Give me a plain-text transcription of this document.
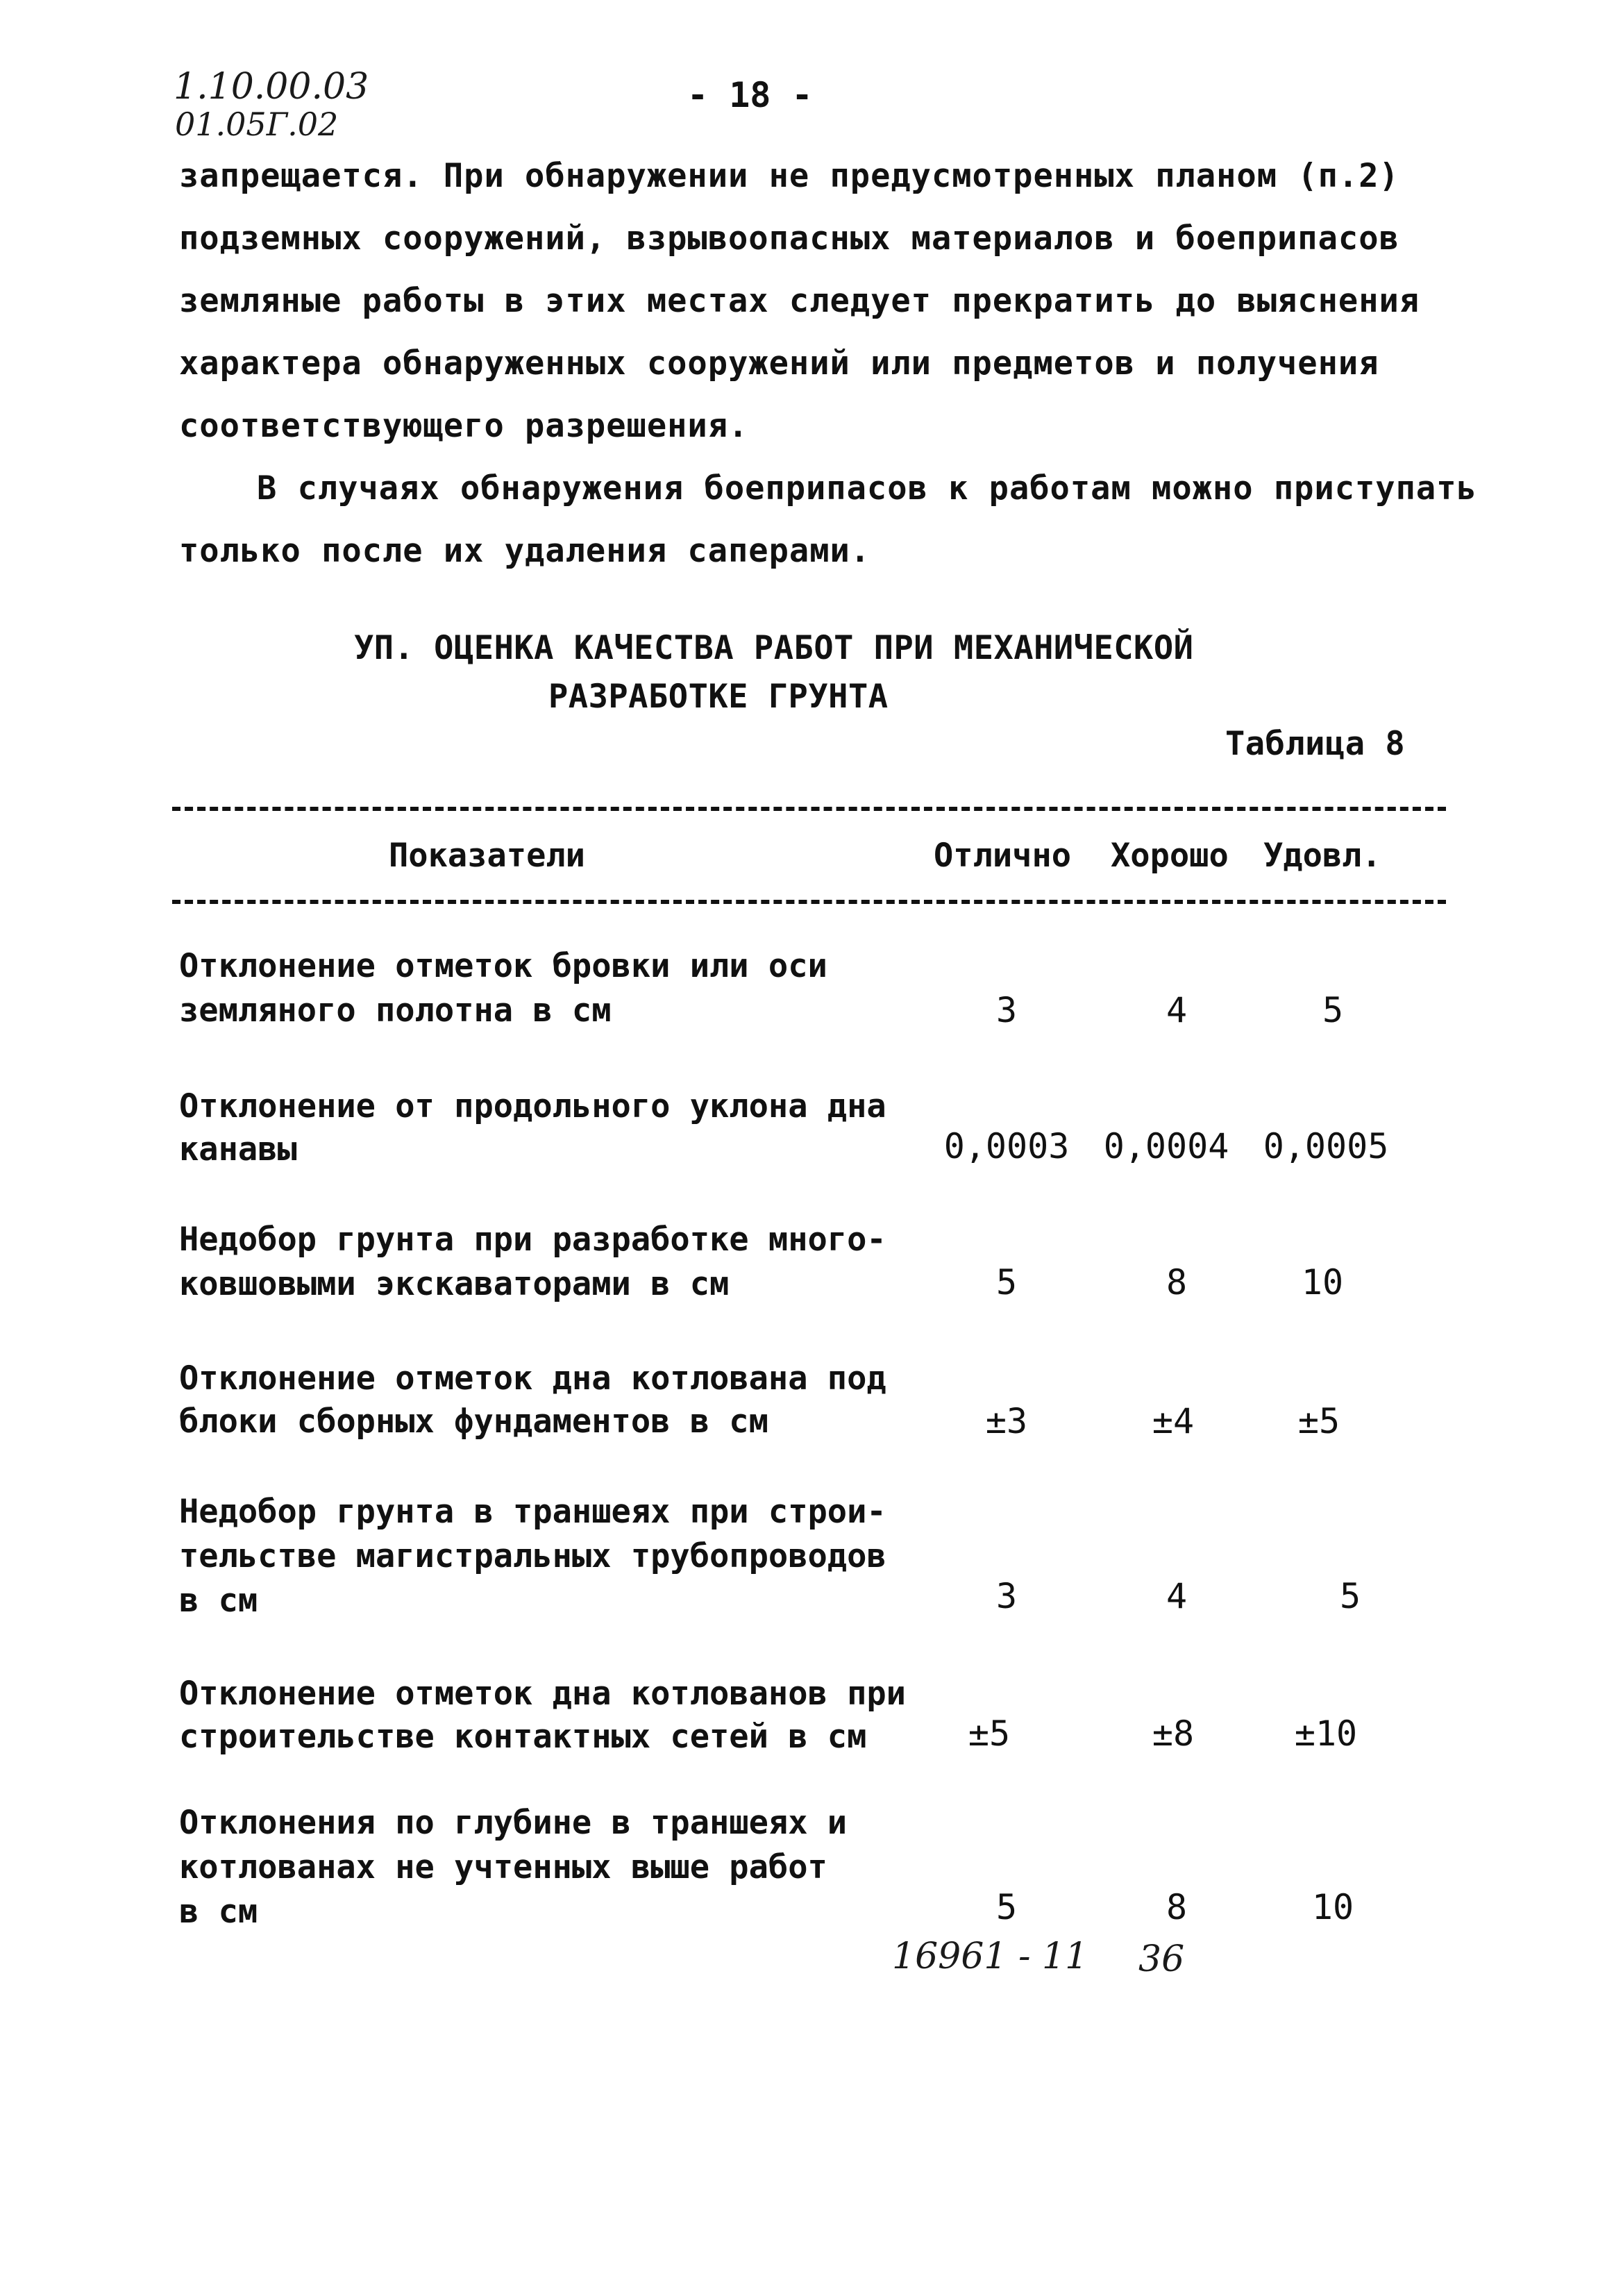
1.10.00.03
01.05Г.02
- 18 -
запрещается. При обнаружении не предусмотренных планом (п.2)
подземных сооружений, взрывоопасных материалов и боеприпасов
земляные работы в этих местах следует прекратить до выяснения
характера обнаруженных сооружений или предметов и получения
соответствующего разрешения.
В случаях обнаружения боеприпасов к работам можно приступать
только после их удаления саперами.
УП. ОЦЕНКА КАЧЕСТВА РАБОТ ПРИ МЕХАНИЧЕСКОЙ
РАЗРАБОТКЕ ГРУНТА
Таблица 8
Показатели	Отлично Хорошо Удовл.
Отклонение отметок бровки или оси
земляного полотна в см	3	4	5
Отклонение от продольного уклона дна
канавы	0,0003 0,0004 0,0005
Недобор грунта при разработке много-
ковшовыми экскаваторами в см	5	8	10
Отклонение отметок дна котлована под
блоки сборных фундаментов в см	±3	±4	±5
Недобор грунта в траншеях при строи-
тельстве магистральных трубопроводов
в см	3	4	5
Отклонение отметок дна котлованов при
строительстве контактных сетей в см	±5	±8	±10
Отклонения по глубине в траншеях и
котлованах не учтенных выше работ
в см	5	8	10
16961 - 11 36
